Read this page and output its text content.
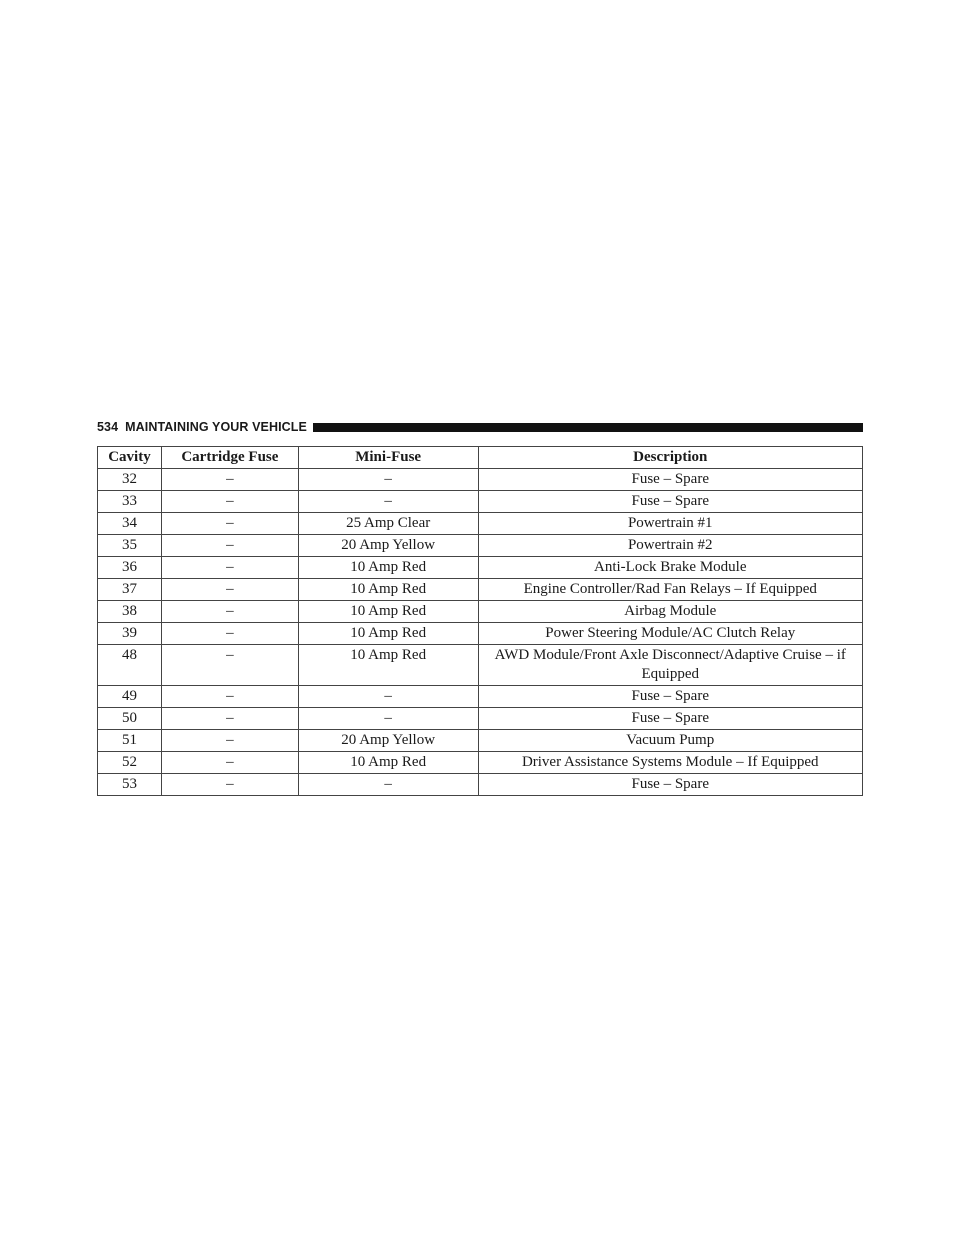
534 MAINTAINING YOUR VEHICLE
Cavity	Cartridge Fuse	Mini-Fuse	Description
32	–	–	Fuse – Spare
33	–	–	Fuse – Spare
34	–	25 Amp Clear	Powertrain #1
35	–	20 Amp Yellow	Powertrain #2
36	–	10 Amp Red	Anti-Lock Brake Module
37	–	10 Amp Red	Engine Controller/Rad Fan Relays – If Equipped
38	–	10 Amp Red	Airbag Module
39	–	10 Amp Red	Power Steering Module/AC Clutch Relay
48	–	10 Amp Red	AWD Module/Front Axle Disconnect/Adaptive Cruise – if Equipped
49	–	–	Fuse – Spare
50	–	–	Fuse – Spare
51	–	20 Amp Yellow	Vacuum Pump
52	–	10 Amp Red	Driver Assistance Systems Module – If Equipped
53	–	–	Fuse – Spare
